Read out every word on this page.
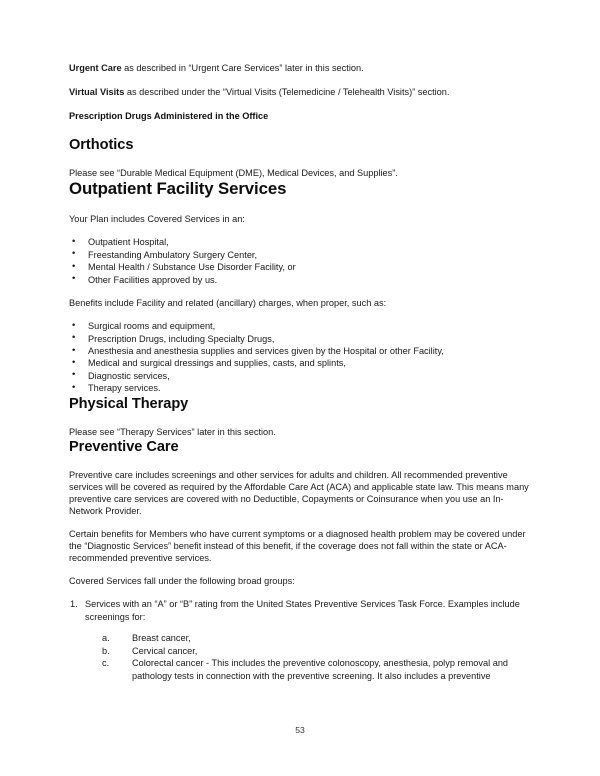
Urgent Care as described in “Urgent Care Services” later in this section.

Virtual Visits as described under the “Virtual Visits (Telemedicine / Telehealth Visits)” section.

Prescription Drugs Administered in the Office

Orthotics

Please see “Durable Medical Equipment (DME), Medical Devices, and Supplies”.

Outpatient Facility Services

Your Plan includes Covered Services in an:

• Outpatient Hospital,
• Freestanding Ambulatory Surgery Center,
• Mental Health / Substance Use Disorder Facility, or
• Other Facilities approved by us.

Benefits include Facility and related (ancillary) charges, when proper, such as:

• Surgical rooms and equipment,
• Prescription Drugs, including Specialty Drugs,
• Anesthesia and anesthesia supplies and services given by the Hospital or other Facility,
• Medical and surgical dressings and supplies, casts, and splints,
• Diagnostic services,
• Therapy services.
Physical Therapy

Please see “Therapy Services” later in this section.

Preventive Care

Preventive care includes screenings and other services for adults and children. All recommended preventive services will be covered as required by the Affordable Care Act (ACA) and applicable state law. This means many preventive care services are covered with no Deductible, Copayments or Coinsurance when you use an In-Network Provider.

Certain benefits for Members who have current symptoms or a diagnosed health problem may be covered under the “Diagnostic Services” benefit instead of this benefit, if the coverage does not fall within the state or ACA-recommended preventive services.

Covered Services fall under the following broad groups:

1. Services with an “A” or “B” rating from the United States Preventive Services Task Force. Examples include screenings for:
a.	Breast cancer,
b.	Cervical cancer,
c.	Colorectal cancer - This includes the preventive colonoscopy, anesthesia, polyp removal and pathology tests in connection with the preventive screening. It also includes a preventive
53
